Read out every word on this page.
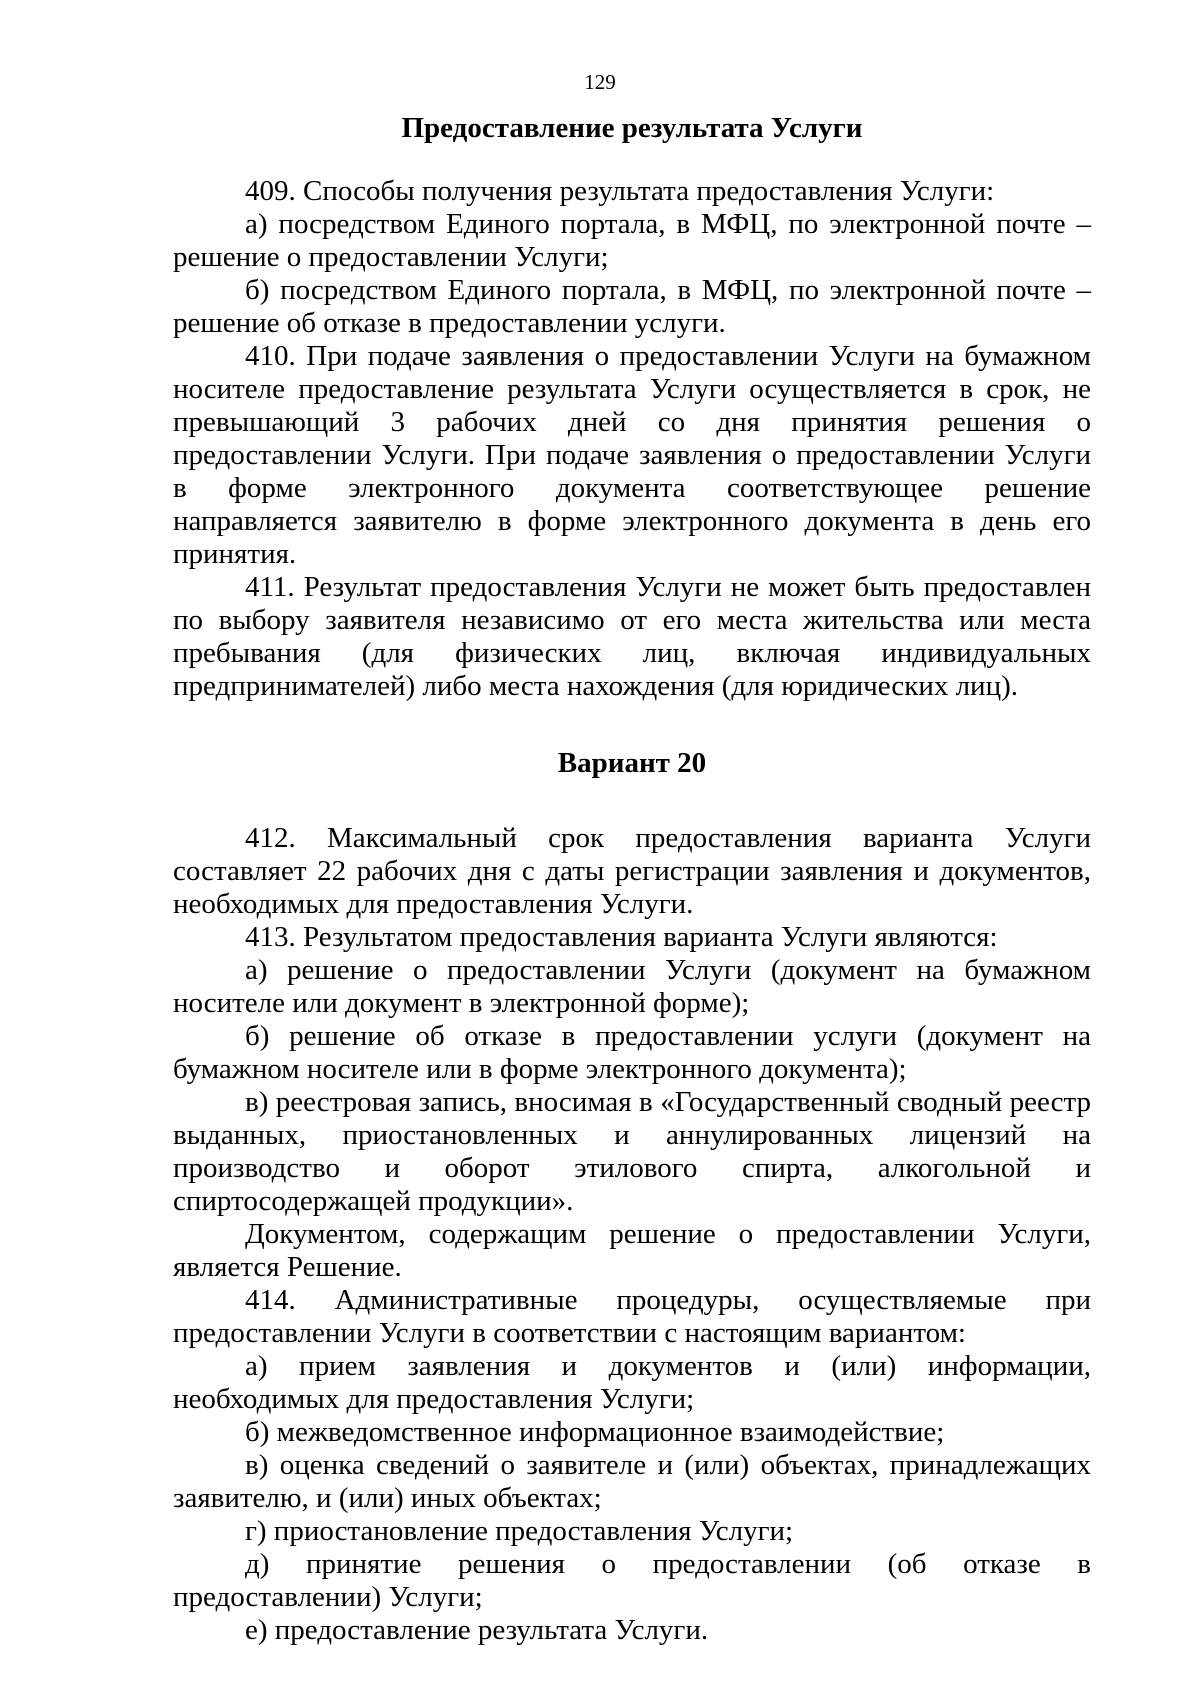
129
Предоставление результата Услуги

409. Способы получения результата предоставления Услуги:

а) посредством Единого портала, в МФЦ, по электронной почте – решение о предоставлении Услуги;

б) посредством Единого портала, в МФЦ, по электронной почте – решение об отказе в предоставлении услуги.

410. При подаче заявления о предоставлении Услуги на бумажном носителе предоставление результата Услуги осуществляется в срок, не превышающий 3 рабочих дней со дня принятия решения о предоставлении Услуги. При подаче заявления о предоставлении Услуги в форме электронного документа соответствующее решение направляется заявителю в форме электронного документа в день его принятия.

411. Результат предоставления Услуги не может быть предоставлен по выбору заявителя независимо от его места жительства или места пребывания (для физических лиц, включая индивидуальных предпринимателей) либо места нахождения (для юридических лиц).

Вариант 20

412. Максимальный срок предоставления варианта Услуги составляет 22 рабочих дня с даты регистрации заявления и документов, необходимых для предоставления Услуги.

413. Результатом предоставления варианта Услуги являются:

а) решение о предоставлении Услуги (документ на бумажном носителе или документ в электронной форме);

б) решение об отказе в предоставлении услуги (документ на бумажном носителе или в форме электронного документа);

в) реестровая запись, вносимая в «Государственный сводный реестр выданных, приостановленных и аннулированных лицензий на производство и оборот этилового спирта, алкогольной и спиртосодержащей продукции».

Документом, содержащим решение о предоставлении Услуги, является Решение.

414. Административные процедуры, осуществляемые при предоставлении Услуги в соответствии с настоящим вариантом:

а) прием заявления и документов и (или) информации, необходимых для предоставления Услуги;

б) межведомственное информационное взаимодействие;

в) оценка сведений о заявителе и (или) объектах, принадлежащих заявителю, и (или) иных объектах;

г) приостановление предоставления Услуги;

д) принятие решения о предоставлении (об отказе в предоставлении) Услуги;

е) предоставление результата Услуги.
